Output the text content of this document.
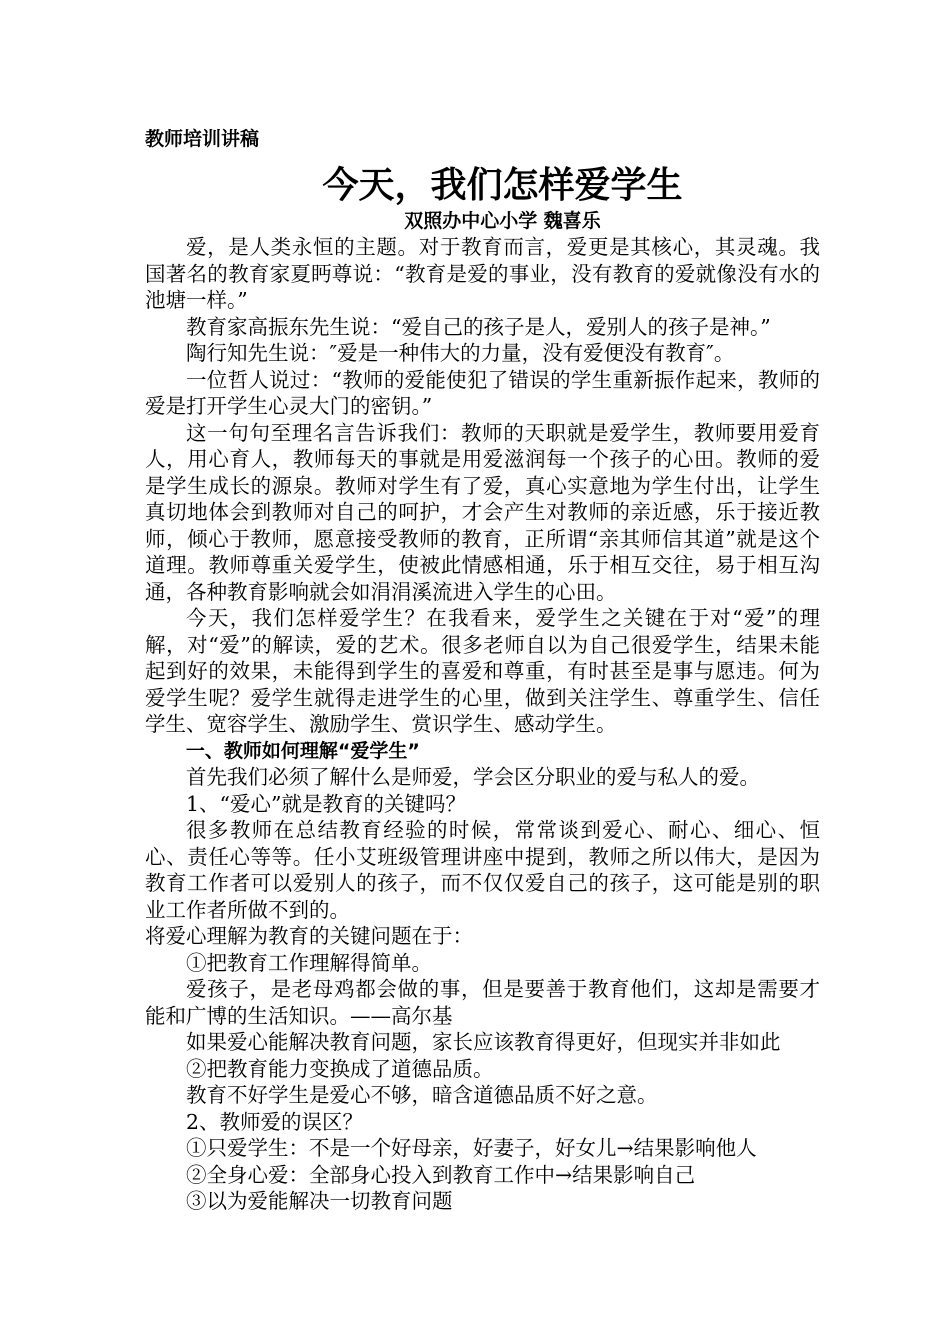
教师培训讲稿
今天，我们怎样爱学生
双照办中心小学 魏喜乐

爱，是人类永恒的主题。对于教育而言，爱更是其核心，其灵魂。我国著名的教育家夏眄尊说：“教育是爱的事业，没有教育的爱就像没有水的池塘一样。”

教育家高振东先生说：“爱自己的孩子是人，爱别人的孩子是神。”

陶行知先生说：″爱是一种伟大的力量，没有爱便没有教育″。

一位哲人说过：“教师的爱能使犯了错误的学生重新振作起来，教师的爱是打开学生心灵大门的密钥。”

这一句句至理名言告诉我们：教师的天职就是爱学生，教师要用爱育人，用心育人，教师每天的事就是用爱滋润每一个孩子的心田。教师的爱是学生成长的源泉。教师对学生有了爱，真心实意地为学生付出，让学生真切地体会到教师对自己的呵护，才会产生对教师的亲近感，乐于接近教师，倾心于教师，愿意接受教师的教育，正所谓“亲其师信其道”就是这个道理。教师尊重关爱学生，使被此情感相通，乐于相互交往，易于相互沟通，各种教育影响就会如涓涓溪流进入学生的心田。

今天，我们怎样爱学生？在我看来，爱学生之关键在于对“爱”的理解，对“爱”的解读，爱的艺术。很多老师自以为自己很爱学生，结果未能起到好的效果，未能得到学生的喜爱和尊重，有时甚至是事与愿违。何为爱学生呢？爱学生就得走进学生的心里，做到关注学生、尊重学生、信任学生、宽容学生、激励学生、赏识学生、感动学生。

一、教师如何理解“爱学生”

首先我们必须了解什么是师爱，学会区分职业的爱与私人的爱。

1、“爱心”就是教育的关键吗？

很多教师在总结教育经验的时候，常常谈到爱心、耐心、细心、恒心、责任心等等。任小艾班级管理讲座中提到，教师之所以伟大，是因为教育工作者可以爱别人的孩子，而不仅仅爱自己的孩子，这可能是别的职业工作者所做不到的。

将爱心理解为教育的关键问题在于：

①把教育工作理解得简单。

爱孩子，是老母鸡都会做的事，但是要善于教育他们，这却是需要才能和广博的生活知识。——高尔基

如果爱心能解决教育问题，家长应该教育得更好，但现实并非如此

②把教育能力变换成了道德品质。

教育不好学生是爱心不够，暗含道德品质不好之意。

2、教师爱的误区？

①只爱学生：不是一个好母亲，好妻子，好女儿→结果影响他人

②全身心爱：全部身心投入到教育工作中→结果影响自己

③以为爱能解决一切教育问题
